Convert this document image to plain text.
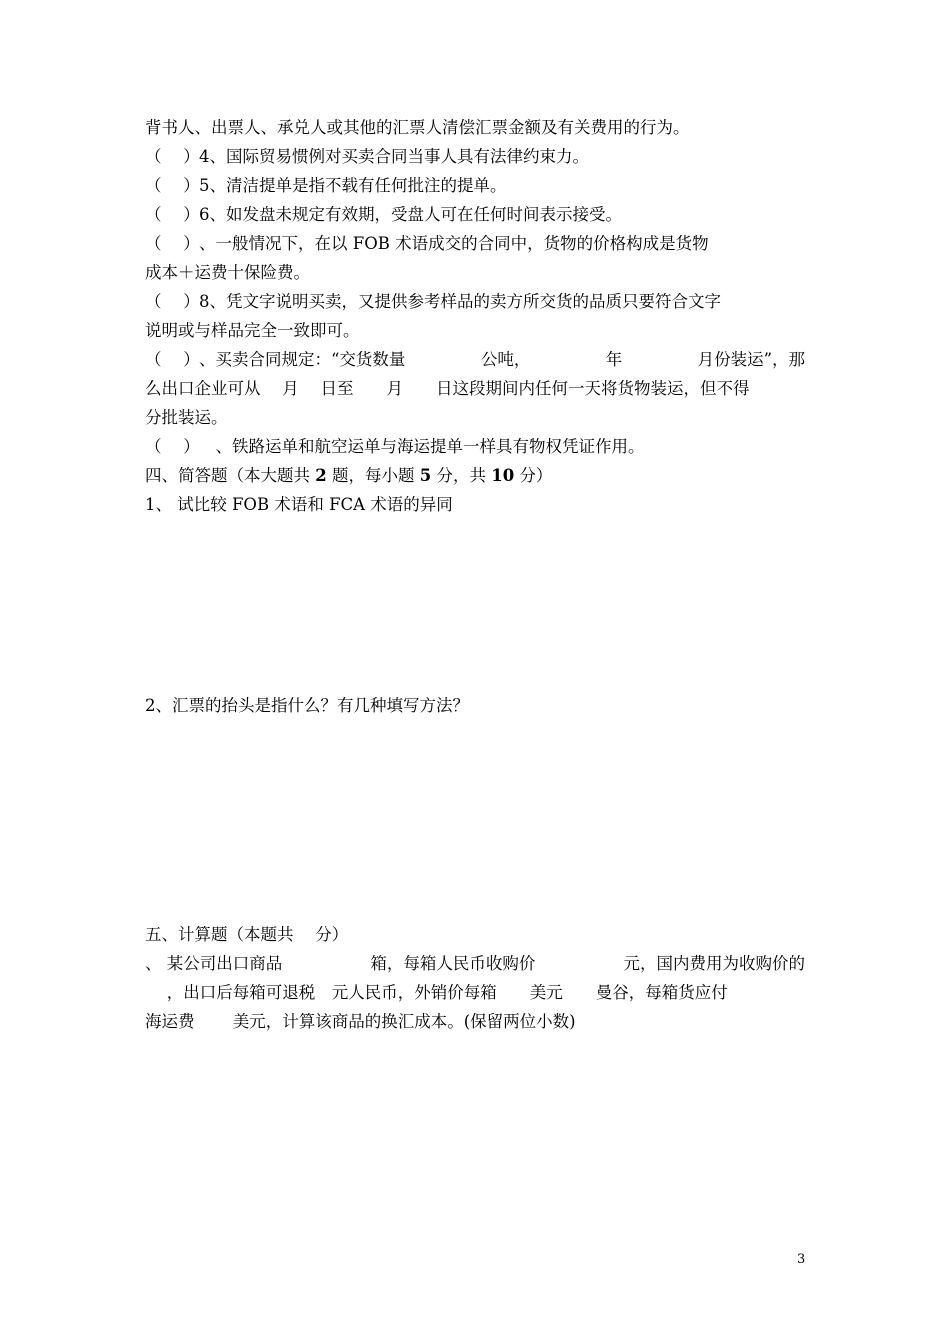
背书人、出票人、承兑人或其他的汇票人清偿汇票金额及有关费用的行为。
（　 ）4、国际贸易惯例对买卖合同当事人具有法律约束力。
（　 ）5、清洁提单是指不载有任何批注的提单。
（　 ）6、如发盘未规定有效期，受盘人可在任何时间表示接受。
（　 ）、一般情况下，在以 FOB 术语成交的合同中，货物的价格构成是货物
成本＋运费十保险费。
（　 ）8、凭文字说明买卖，又提供参考样品的卖方所交货的品质只要符合文字
说明或与样品完全一致即可。
（　 ）、买卖合同规定：“交货数量	公吨，	年	月份装运”，那
么出口企业可从　 月　 日至　　月　　日这段期间内任何一天将货物装运，但不得
分批装运。
（　 ）　、铁路运单和航空运单与海运提单一样具有物权凭证作用。
四、简答题（本大题共 2 题，每小题 5 分，共 10 分）
1、 试比较 FOB 术语和 FCA 术语的异同
2、汇票的抬头是指什么？有几种填写方法？
五、计算题（本题共　 分）
、 某公司出口商品	箱，每箱人民币收购价	元，国内费用为收购价的
　 ，出口后每箱可退税　元人民币，外销价每箱　　美元　　曼谷，每箱货应付
海运费　　 美元，计算该商品的换汇成本。(保留两位小数)
3
